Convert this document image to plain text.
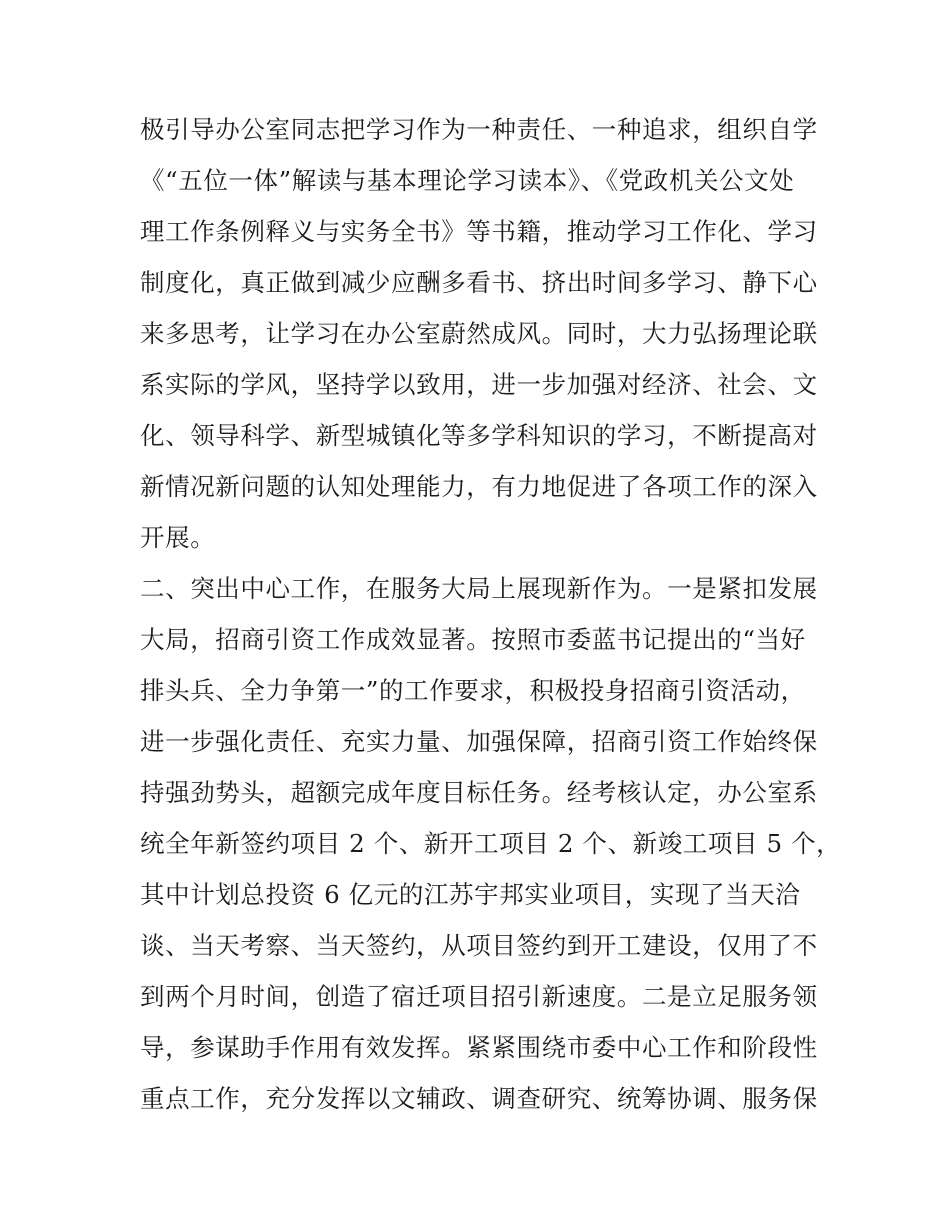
极引导办公室同志把学习作为一种责任、一种追求，组织自学
《“五位一体”解读与基本理论学习读本》、《党政机关公文处
理工作条例释义与实务全书》等书籍，推动学习工作化、学习
制度化，真正做到减少应酬多看书、挤出时间多学习、静下心
来多思考，让学习在办公室蔚然成风。同时，大力弘扬理论联
系实际的学风，坚持学以致用，进一步加强对经济、社会、文
化、领导科学、新型城镇化等多学科知识的学习，不断提高对
新情况新问题的认知处理能力，有力地促进了各项工作的深入
开展。
二、突出中心工作，在服务大局上展现新作为。一是紧扣发展
大局，招商引资工作成效显著。按照市委蓝书记提出的“当好
排头兵、全力争第一”的工作要求，积极投身招商引资活动，
进一步强化责任、充实力量、加强保障，招商引资工作始终保
持强劲势头，超额完成年度目标任务。经考核认定，办公室系
统全年新签约项目 2 个、新开工项目 2 个、新竣工项目 5 个，
其中计划总投资 6 亿元的江苏宇邦实业项目，实现了当天洽
谈、当天考察、当天签约，从项目签约到开工建设，仅用了不
到两个月时间，创造了宿迁项目招引新速度。二是立足服务领
导，参谋助手作用有效发挥。紧紧围绕市委中心工作和阶段性
重点工作，充分发挥以文辅政、调查研究、统筹协调、服务保
